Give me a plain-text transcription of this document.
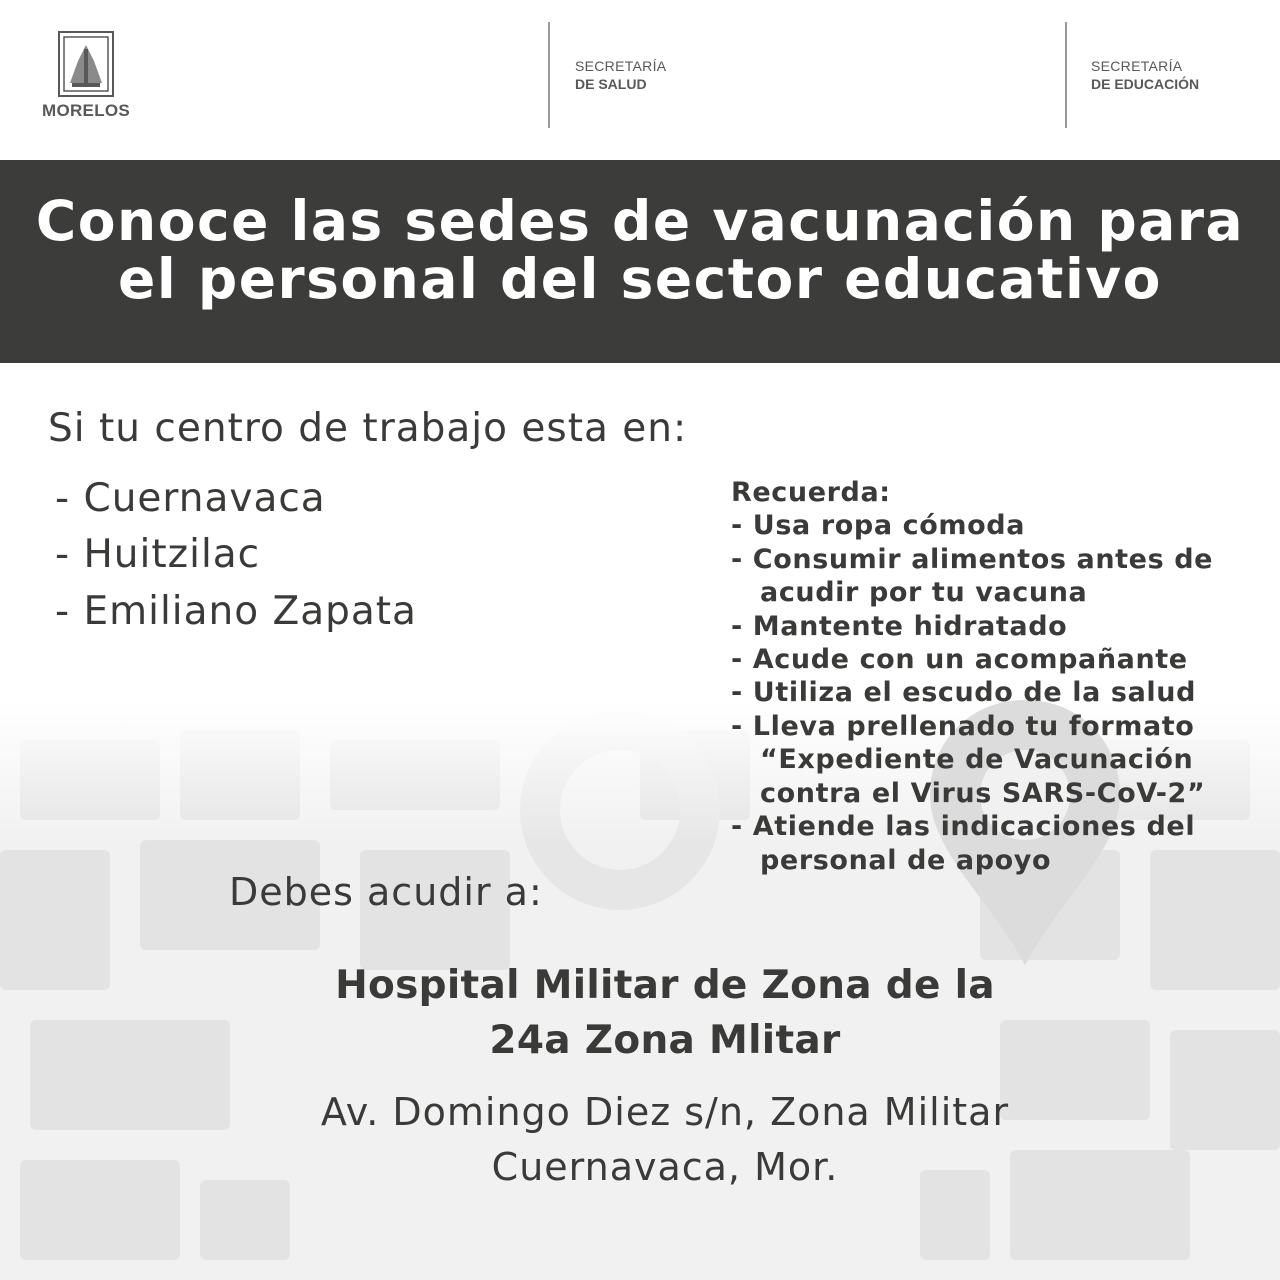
MORELOS
SECRETARÍA
DE SALUD
SECRETARÍA
DE EDUCACIÓN
Conoce las sedes de vacunación para
el personal del sector educativo
Si tu centro de trabajo esta en:
- Cuernavaca
- Huitzilac
- Emiliano Zapata
Recuerda:
- Usa ropa cómoda
- Consumir alimentos antes de
acudir por tu vacuna
- Mantente hidratado
- Acude con un acompañante
- Utiliza el escudo de la salud
- Lleva prellenado tu formato
“Expediente de Vacunación
contra el Virus SARS-CoV-2”
- Atiende las indicaciones del
personal de apoyo
Debes acudir a:
Hospital Militar de Zona de la
24a Zona Mlitar
Av. Domingo Diez s/n, Zona Militar
Cuernavaca, Mor.
